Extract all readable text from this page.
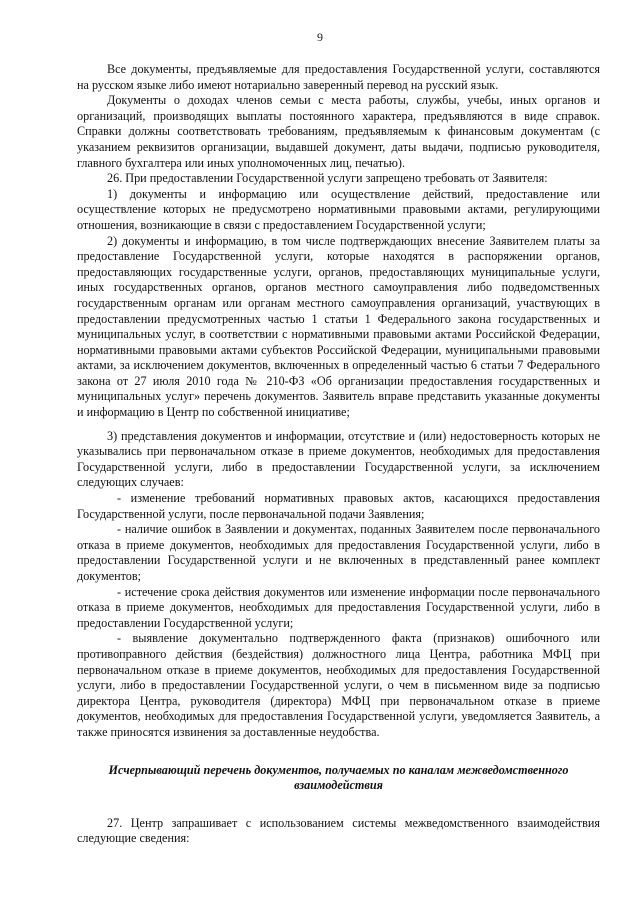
9

Все документы, предъявляемые для предоставления Государственной услуги, составляются на русском языке либо имеют нотариально заверенный перевод на русский язык.

Документы о доходах членов семьи с места работы, службы, учебы, иных органов и организаций, производящих выплаты постоянного характера, предъявляются в виде справок. Справки должны соответствовать требованиям, предъявляемым к финансовым документам (с указанием реквизитов организации, выдавшей документ, даты выдачи, подписью руководителя, главного бухгалтера или иных уполномоченных лиц, печатью).

26. При предоставлении Государственной услуги запрещено требовать от Заявителя:

1) документы и информацию или осуществление действий, предоставление или осуществление которых не предусмотрено нормативными правовыми актами, регулирующими отношения, возникающие в связи с предоставлением Государственной услуги;

2) документы и информацию, в том числе подтверждающих внесение Заявителем платы за предоставление Государственной услуги, которые находятся в распоряжении органов, предоставляющих государственные услуги, органов, предоставляющих муниципальные услуги, иных государственных органов, органов местного самоуправления либо подведомственных государственным органам или органам местного самоуправления организаций, участвующих в предоставлении предусмотренных частью 1 статьи 1 Федерального закона государственных и муниципальных услуг, в соответствии с нормативными правовыми актами Российской Федерации, нормативными правовыми актами субъектов Российской Федерации, муниципальными правовыми актами, за исключением документов, включенных в определенный частью 6 статьи 7 Федерального закона от 27 июля 2010 года № 210-ФЗ «Об организации предоставления государственных и муниципальных услуг» перечень документов. Заявитель вправе представить указанные документы и информацию в Центр по собственной инициативе;

3) представления документов и информации, отсутствие и (или) недостоверность которых не указывались при первоначальном отказе в приеме документов, необходимых для предоставления Государственной услуги, либо в предоставлении Государственной услуги, за исключением следующих случаев:

- изменение требований нормативных правовых актов, касающихся предоставления Государственной услуги, после первоначальной подачи Заявления;

- наличие ошибок в Заявлении и документах, поданных Заявителем после первоначального отказа в приеме документов, необходимых для предоставления Государственной услуги, либо в предоставлении Государственной услуги и не включенных в представленный ранее комплект документов;

- истечение срока действия документов или изменение информации после первоначального отказа в приеме документов, необходимых для предоставления Государственной услуги, либо в предоставлении Государственной услуги;

- выявление документально подтвержденного факта (признаков) ошибочного или противоправного действия (бездействия) должностного лица Центра, работника МФЦ при первоначальном отказе в приеме документов, необходимых для предоставления Государственной услуги, либо в предоставлении Государственной услуги, о чем в письменном виде за подписью директора Центра, руководителя (директора) МФЦ при первоначальном отказе в приеме документов, необходимых для предоставления Государственной услуги, уведомляется Заявитель, а также приносятся извинения за доставленные неудобства.

Исчерпывающий перечень документов, получаемых по каналам межведомственного взаимодействия

27. Центр запрашивает с использованием системы межведомственного взаимодействия следующие сведения:
